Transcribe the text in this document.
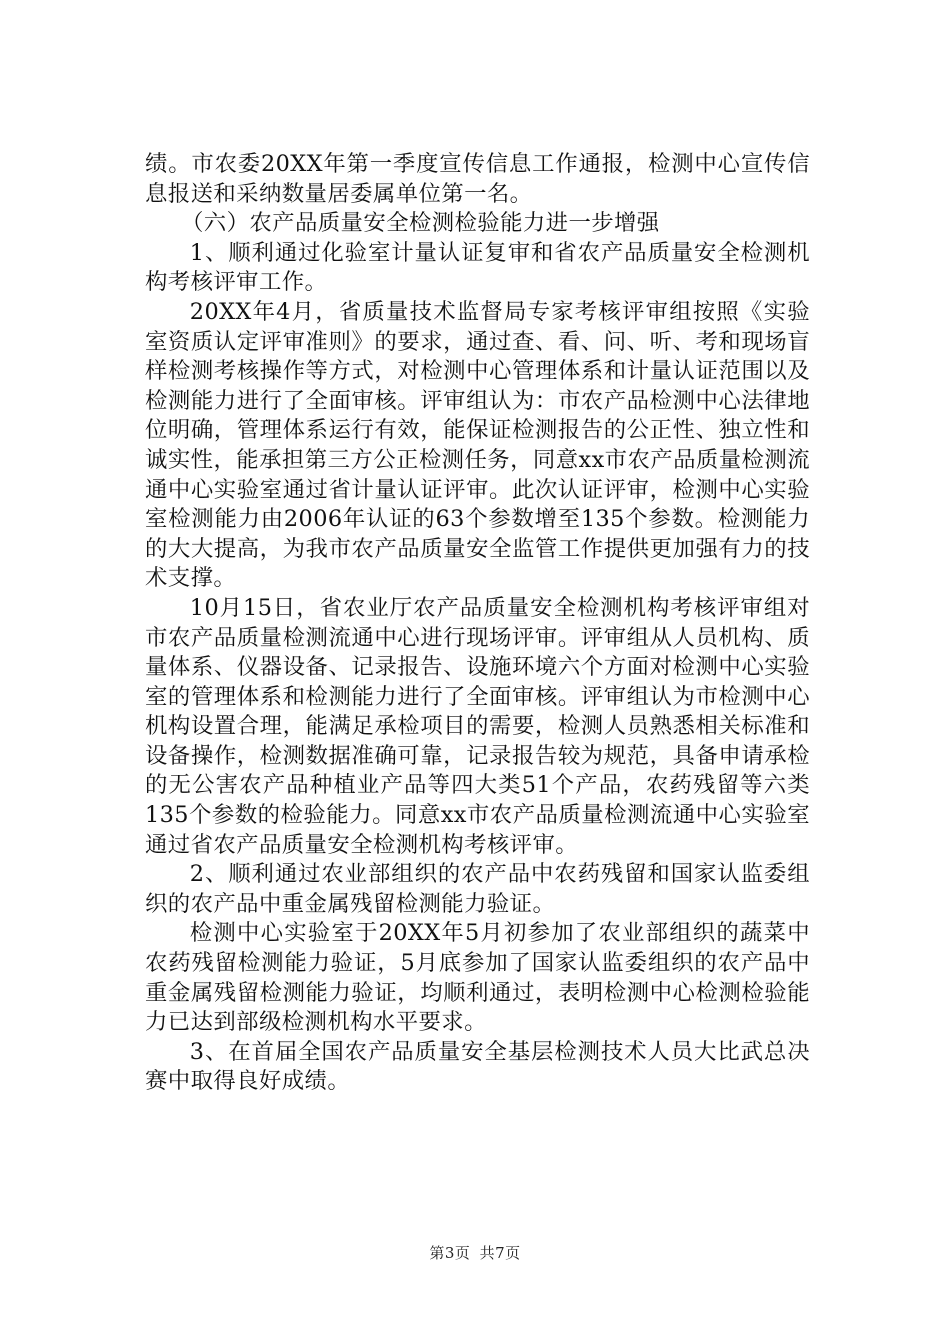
绩。市农委20XX年第一季度宣传信息工作通报，检测中心宣传信息报送和采纳数量居委属单位第一名。

（六）农产品质量安全检测检验能力进一步增强

1、顺利通过化验室计量认证复审和省农产品质量安全检测机构考核评审工作。

20XX年4月，省质量技术监督局专家考核评审组按照《实验室资质认定评审准则》的要求，通过查、看、问、听、考和现场盲样检测考核操作等方式，对检测中心管理体系和计量认证范围以及检测能力进行了全面审核。评审组认为：市农产品检测中心法律地位明确，管理体系运行有效，能保证检测报告的公正性、独立性和诚实性，能承担第三方公正检测任务，同意xx市农产品质量检测流通中心实验室通过省计量认证评审。此次认证评审，检测中心实验室检测能力由2006年认证的63个参数增至135个参数。检测能力的大大提高，为我市农产品质量安全监管工作提供更加强有力的技术支撑。

10月15日，省农业厅农产品质量安全检测机构考核评审组对市农产品质量检测流通中心进行现场评审。评审组从人员机构、质量体系、仪器设备、记录报告、设施环境六个方面对检测中心实验室的管理体系和检测能力进行了全面审核。评审组认为市检测中心机构设置合理，能满足承检项目的需要，检测人员熟悉相关标准和设备操作，检测数据准确可靠，记录报告较为规范，具备申请承检的无公害农产品种植业产品等四大类51个产品，农药残留等六类135个参数的检验能力。同意xx市农产品质量检测流通中心实验室通过省农产品质量安全检测机构考核评审。

2、顺利通过农业部组织的农产品中农药残留和国家认监委组织的农产品中重金属残留检测能力验证。

检测中心实验室于20XX年5月初参加了农业部组织的蔬菜中农药残留检测能力验证，5月底参加了国家认监委组织的农产品中重金属残留检测能力验证，均顺利通过，表明检测中心检测检验能力已达到部级检测机构水平要求。

3、在首届全国农产品质量安全基层检测技术人员大比武总决赛中取得良好成绩。

第3页 共7页
